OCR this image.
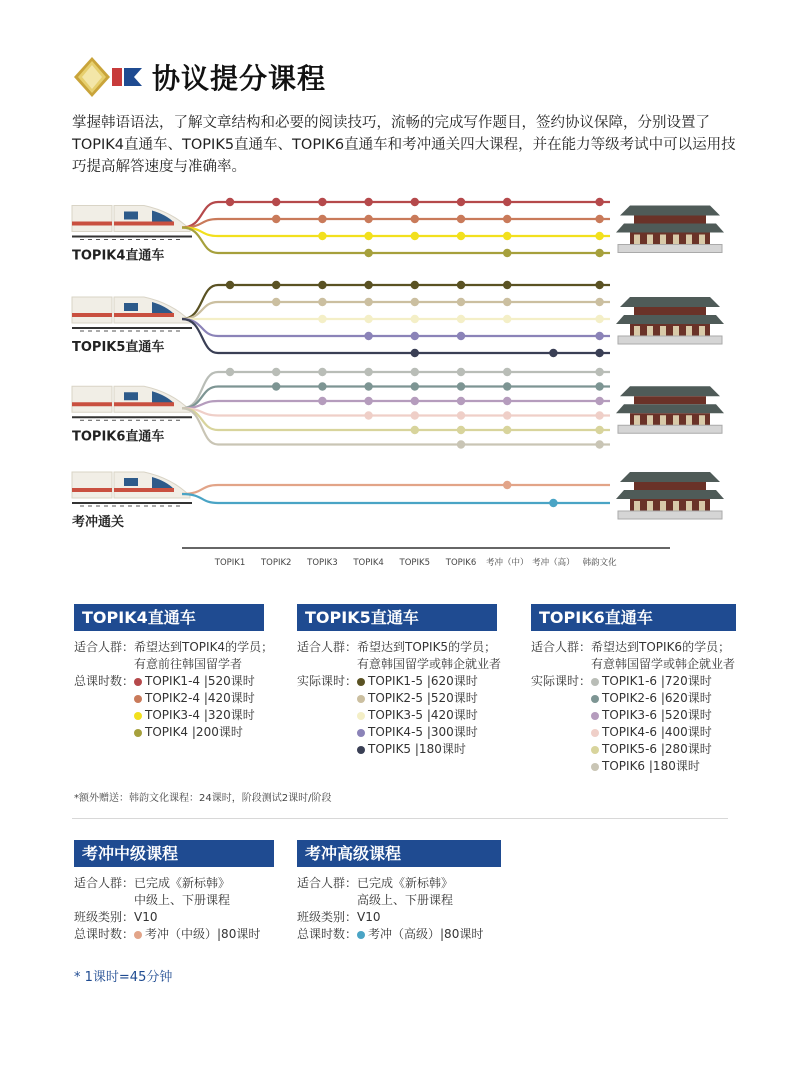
协议提分课程
掌握韩语语法，了解文章结构和必要的阅读技巧，流畅的完成写作题目，签约协议保障，分别设置了TOPIK4直通车、TOPIK5直通车、TOPIK6直通车和考冲通关四大课程，并在能力等级考试中可以运用技巧提高解答速度与准确率。
TOPIK4直通车
TOPIK5直通车
TOPIK6直通车
考冲通关
TOPIK1 TOPIK2 TOPIK3 TOPIK4 TOPIK5 TOPIK6 考冲（中） 考冲（高） 韩韵文化
TOPIK4直通车
适合人群： 希望达到TOPIK4的学员；
有意前往韩国留学者
总课时数： TOPIK1-4 |520课时
TOPIK2-4 |420课时
TOPIK3-4 |320课时
TOPIK4 |200课时
TOPIK5直通车
适合人群： 希望达到TOPIK5的学员；
有意韩国留学或韩企就业者
实际课时： TOPIK1-5 |620课时
TOPIK2-5 |520课时
TOPIK3-5 |420课时
TOPIK4-5 |300课时
TOPIK5 |180课时
TOPIK6直通车
适合人群： 希望达到TOPIK6的学员；
有意韩国留学或韩企就业者
实际课时： TOPIK1-6 |720课时
TOPIK2-6 |620课时
TOPIK3-6 |520课时
TOPIK4-6 |400课时
TOPIK5-6 |280课时
TOPIK6 |180课时
*额外赠送：韩韵文化课程：24课时，阶段测试2课时/阶段
考冲中级课程
适合人群： 已完成《新标韩》
中级上、下册课程
班级类别： V10
总课时数： 考冲（中级）|80课时
考冲高级课程
适合人群： 已完成《新标韩》
高级上、下册课程
班级类别： V10
总课时数： 考冲（高级）|80课时
* 1课时=45分钟
